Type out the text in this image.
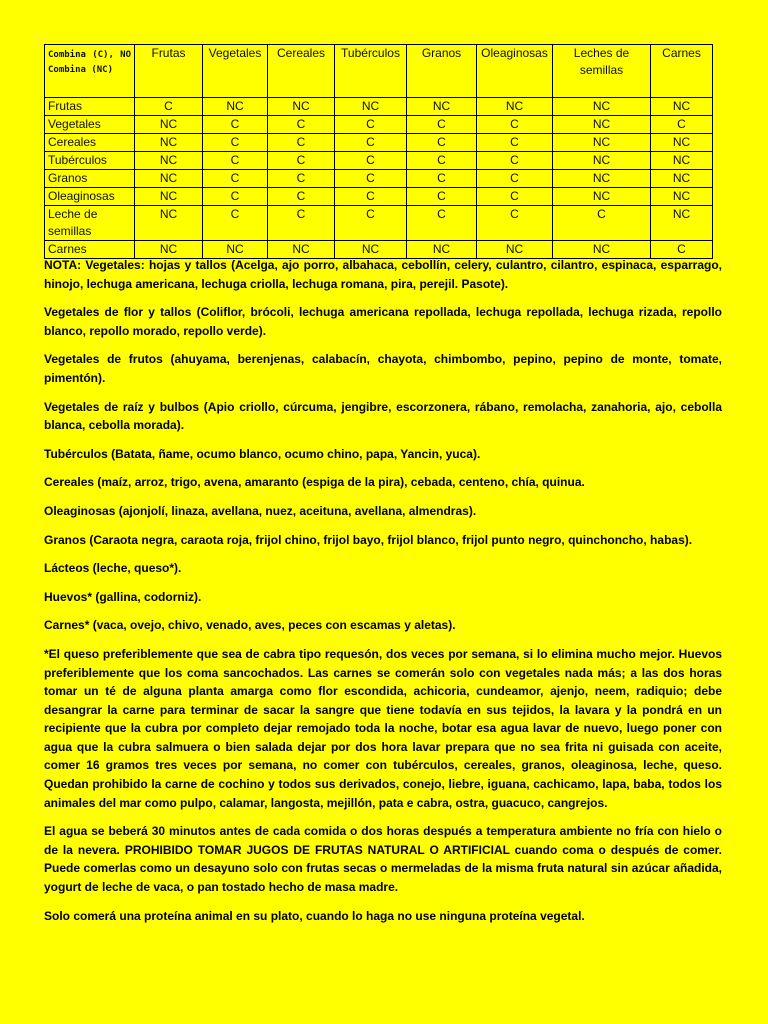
Combina (C), NO Combina (NC)	Frutas	Vegetales	Cereales	Tubérculos	Granos	Oleaginosas	Leches de semillas	Carnes
Frutas	C	NC	NC	NC	NC	NC	NC	NC
Vegetales	NC	C	C	C	C	C	NC	C
Cereales	NC	C	C	C	C	C	NC	NC
Tubérculos	NC	C	C	C	C	C	NC	NC
Granos	NC	C	C	C	C	C	NC	NC
Oleaginosas	NC	C	C	C	C	C	NC	NC
Leche de semillas	NC	C	C	C	C	C	C	NC
Carnes	NC	NC	NC	NC	NC	NC	NC	C

NOTA: Vegetales: hojas y tallos (Acelga, ajo porro, albahaca, cebollín, celery, culantro, cilantro, espinaca, esparrago, hinojo, lechuga americana, lechuga criolla, lechuga romana, pira, perejil. Pasote).

Vegetales de flor y tallos (Coliflor, brócoli, lechuga americana repollada, lechuga repollada, lechuga rizada, repollo blanco, repollo morado, repollo verde).

Vegetales de frutos (ahuyama, berenjenas, calabacín, chayota, chimbombo, pepino, pepino de monte, tomate, pimentón).

Vegetales de raíz y bulbos (Apio criollo, cúrcuma, jengibre, escorzonera, rábano, remolacha, zanahoria, ajo, cebolla blanca, cebolla morada).

Tubérculos (Batata, ñame, ocumo blanco, ocumo chino, papa, Yancin, yuca).

Cereales (maíz, arroz, trigo, avena, amaranto (espiga de la pira), cebada, centeno, chía, quinua.

Oleaginosas (ajonjolí, linaza, avellana, nuez, aceituna, avellana, almendras).

Granos (Caraota negra, caraota roja, frijol chino, frijol bayo, frijol blanco, frijol punto negro, quinchoncho, habas).

Lácteos (leche, queso*).

Huevos* (gallina, codorniz).

Carnes* (vaca, ovejo, chivo, venado, aves, peces con escamas y aletas).

*El queso preferiblemente que sea de cabra tipo requesón, dos veces por semana, si lo elimina mucho mejor. Huevos preferiblemente que los coma sancochados. Las carnes se comerán solo con vegetales nada más; a las dos horas tomar un té de alguna planta amarga como flor escondida, achicoria, cundeamor, ajenjo, neem, radiquio; debe desangrar la carne para terminar de sacar la sangre que tiene todavía en sus tejidos, la lavara y la pondrá en un recipiente que la cubra por completo dejar remojado toda la noche, botar esa agua lavar de nuevo, luego poner con agua que la cubra salmuera o bien salada dejar por dos hora lavar prepara que no sea frita ni guisada con aceite, comer 16 gramos tres veces por semana, no comer con tubérculos, cereales, granos, oleaginosa, leche, queso. Quedan prohibido la carne de cochino y todos sus derivados, conejo, liebre, iguana, cachicamo, lapa, baba, todos los animales del mar como pulpo, calamar, langosta, mejillón, pata e cabra, ostra, guacuco, cangrejos.

El agua se beberá 30 minutos antes de cada comida o dos horas después a temperatura ambiente no fría con hielo o de la nevera. PROHIBIDO TOMAR JUGOS DE FRUTAS NATURAL O ARTIFICIAL cuando coma o después de comer. Puede comerlas como un desayuno solo con frutas secas o mermeladas de la misma fruta natural sin azúcar añadida, yogurt de leche de vaca, o pan tostado hecho de masa madre.

Solo comerá una proteína animal en su plato, cuando lo haga no use ninguna proteína vegetal.
